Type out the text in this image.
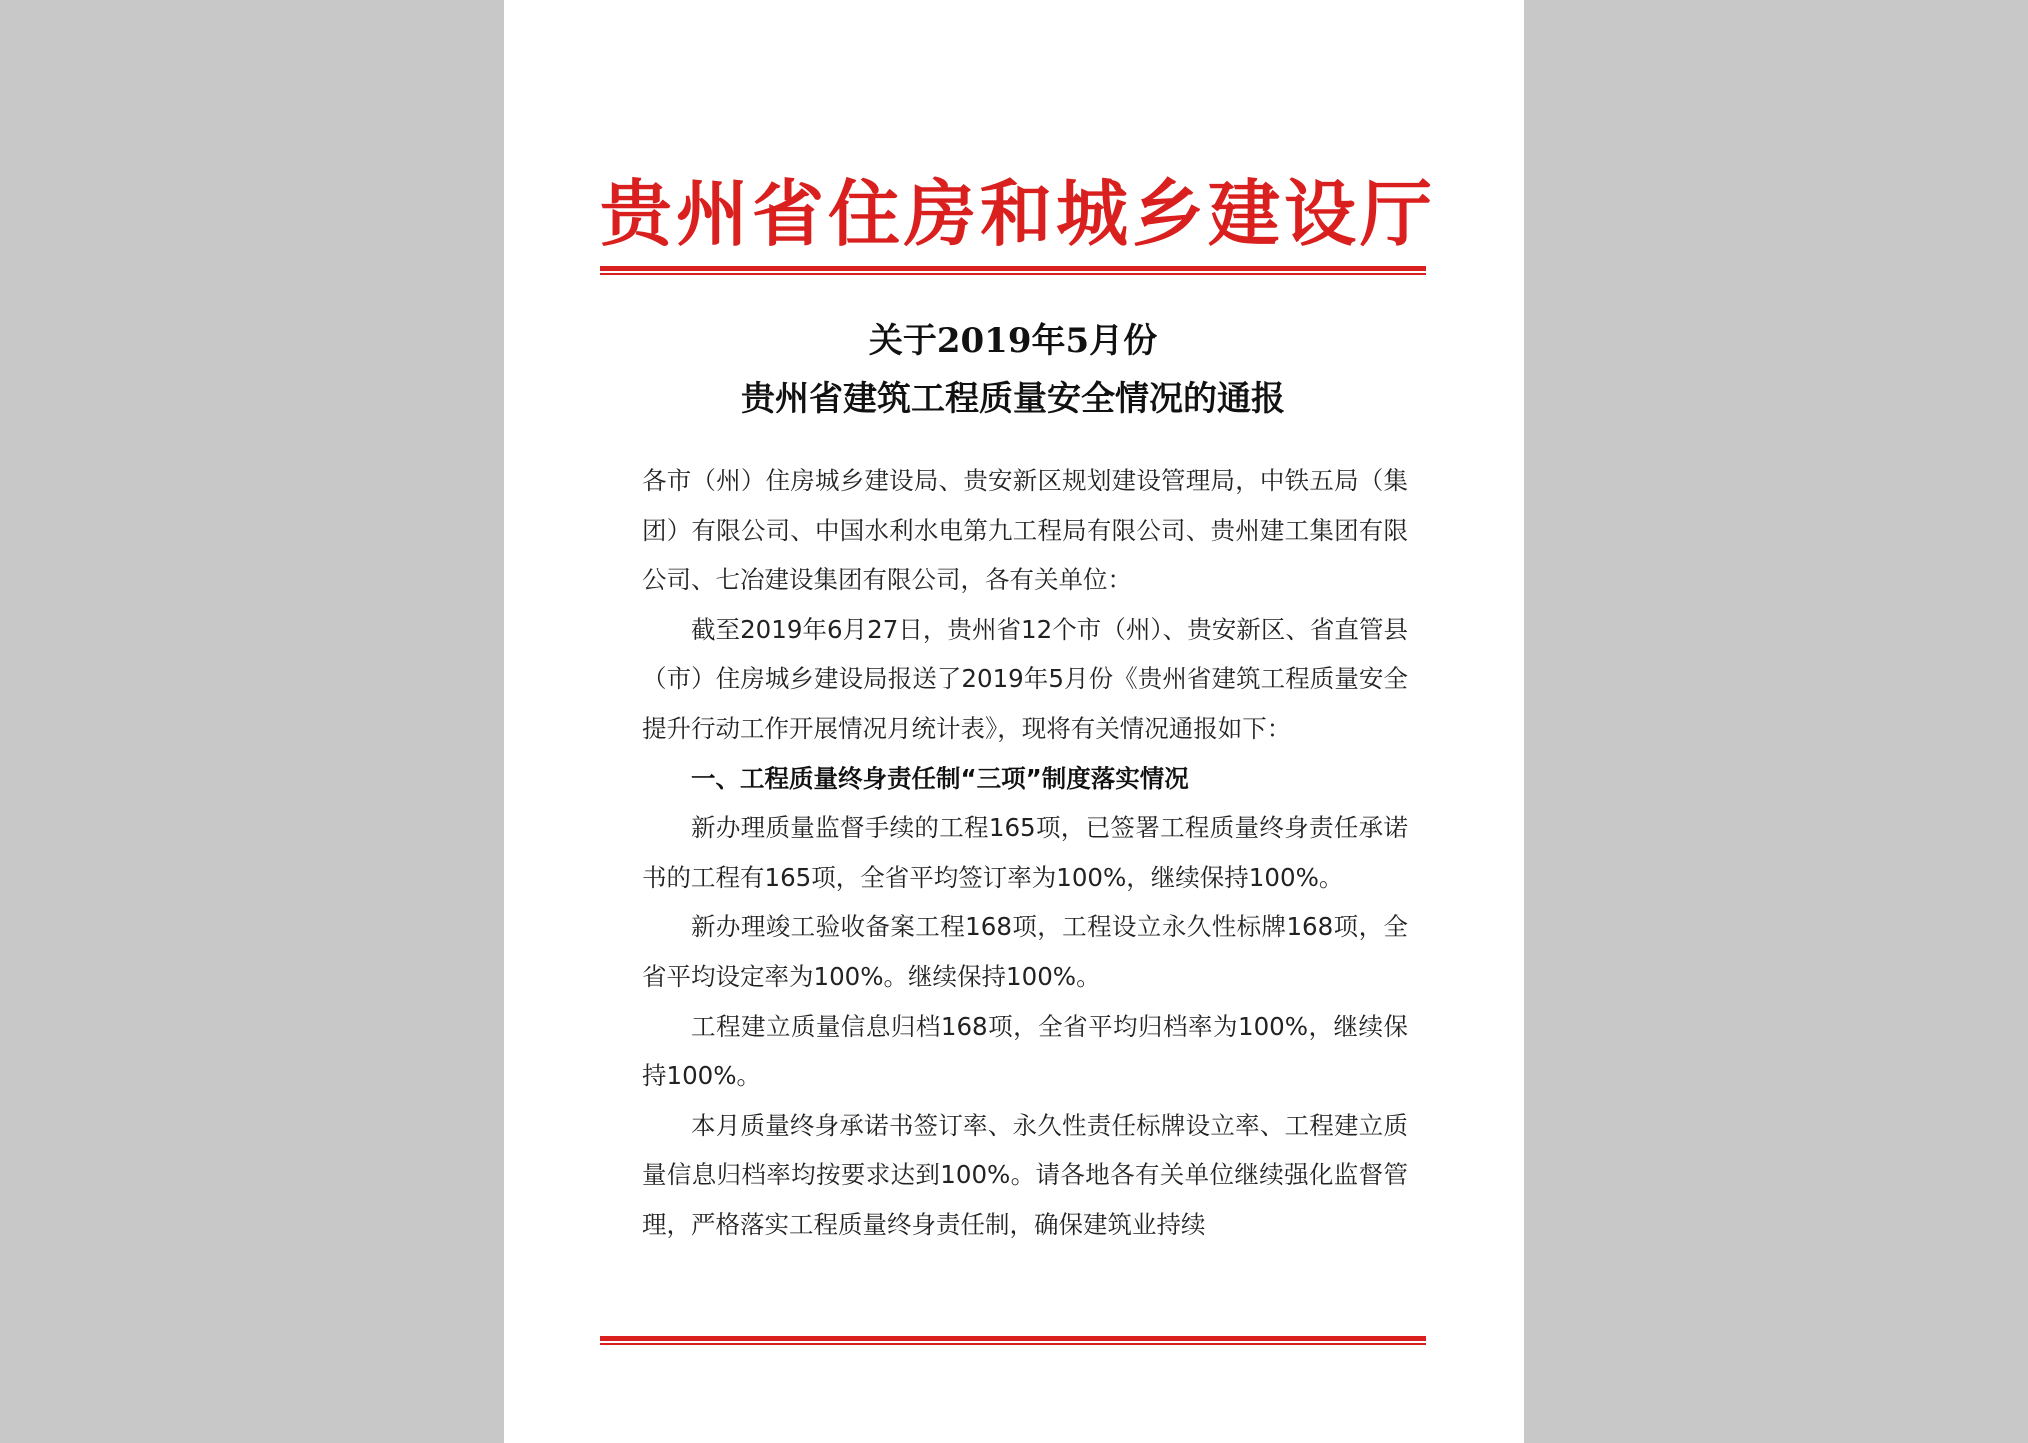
贵州省住房和城乡建设厅
关于2019年5月份
贵州省建筑工程质量安全情况的通报

各市（州）住房城乡建设局、贵安新区规划建设管理局，中铁五局（集团）有限公司、中国水利水电第九工程局有限公司、贵州建工集团有限公司、七冶建设集团有限公司，各有关单位：

截至2019年6月27日，贵州省12个市（州）、贵安新区、省直管县（市）住房城乡建设局报送了2019年5月份《贵州省建筑工程质量安全提升行动工作开展情况月统计表》，现将有关情况通报如下：

一、工程质量终身责任制“三项”制度落实情况

新办理质量监督手续的工程165项，已签署工程质量终身责任承诺书的工程有165项，全省平均签订率为100%，继续保持100%。

新办理竣工验收备案工程168项，工程设立永久性标牌168项，全省平均设定率为100%。继续保持100%。

工程建立质量信息归档168项，全省平均归档率为100%，继续保持100%。

本月质量终身承诺书签订率、永久性责任标牌设立率、工程建立质量信息归档率均按要求达到100%。请各地各有关单位继续强化监督管理，严格落实工程质量终身责任制，确保建筑业持续
